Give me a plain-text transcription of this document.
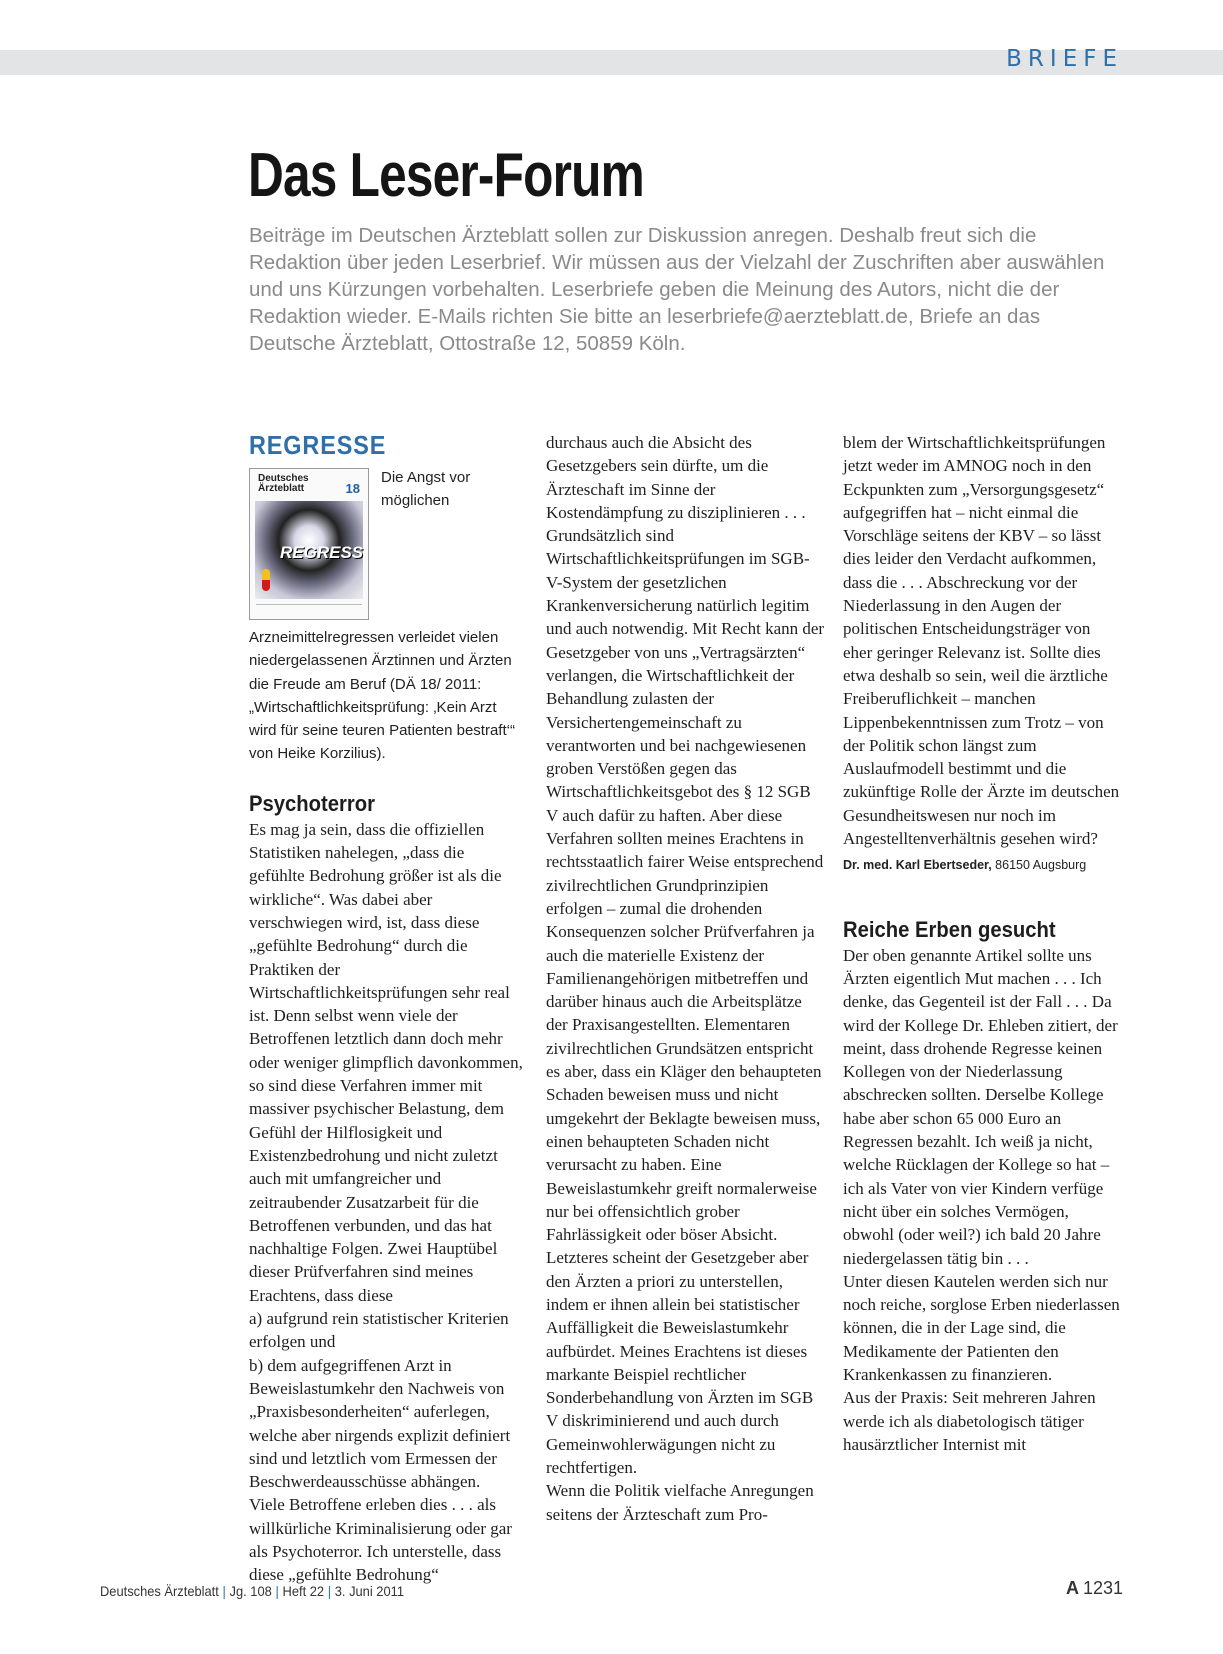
BRIEFE
Das Leser-Forum

Beiträge im Deutschen Ärzteblatt sollen zur Diskussion anregen. Deshalb freut sich die Redaktion über jeden Leserbrief. Wir müssen aus der Vielzahl der Zuschriften aber auswählen und uns Kürzungen vorbehalten. Leserbriefe geben die Meinung des Autors, nicht die der Redaktion wieder. E-Mails richten Sie bitte an leserbriefe@aerzteblatt.de, Briefe an das Deutsche Ärzteblatt, Ottostraße 12, 50859 Köln.

REGRESSE
Deutsches
Ärzteblatt	18
REGRESS

Die Angst vor möglichen Arzneimittelregressen verleidet vielen niedergelassenen Ärztinnen und Ärzten die Freude am Beruf (DÄ 18/ 2011: „Wirtschaftlichkeitsprüfung: ‚Kein Arzt wird für seine teuren Patienten bestraft‘“ von Heike Korzilius).

Psychoterror

Es mag ja sein, dass die offiziellen Statistiken nahelegen, „dass die gefühlte Bedrohung größer ist als die wirkliche“. Was dabei aber verschwiegen wird, ist, dass diese „gefühlte Bedrohung“ durch die Praktiken der Wirtschaftlichkeitsprüfungen sehr real ist. Denn selbst wenn viele der Betroffenen letztlich dann doch mehr oder weniger glimpflich davonkommen, so sind diese Verfahren immer mit massiver psychischer Belastung, dem Gefühl der Hilflosigkeit und Existenzbedrohung und nicht zuletzt auch mit umfangreicher und zeitraubender Zusatzarbeit für die Betroffenen verbunden, und das hat nachhaltige Folgen. Zwei Hauptübel dieser Prüfverfahren sind meines Erachtens, dass diese

a) aufgrund rein statistischer Kriterien erfolgen und

b) dem aufgegriffenen Arzt in Beweislastumkehr den Nachweis von „Praxisbesonderheiten“ auferlegen, welche aber nirgends explizit definiert sind und letztlich vom Ermessen der Beschwerdeausschüsse abhängen.

Viele Betroffene erleben dies . . . als willkürliche Kriminalisierung oder gar als Psychoterror. Ich unterstelle, dass diese „gefühlte Bedrohung“

durchaus auch die Absicht des Gesetzgebers sein dürfte, um die Ärzteschaft im Sinne der Kostendämpfung zu disziplinieren . . .

Grundsätzlich sind Wirtschaftlichkeitsprüfungen im SGB-V-System der gesetzlichen Krankenversicherung natürlich legitim und auch notwendig. Mit Recht kann der Gesetzgeber von uns „Vertragsärzten“ verlangen, die Wirtschaftlichkeit der Behandlung zulasten der Versichertengemeinschaft zu verantworten und bei nachgewiesenen groben Verstößen gegen das Wirtschaftlichkeitsgebot des § 12 SGB V auch dafür zu haften. Aber diese Verfahren sollten meines Erachtens in rechtsstaatlich fairer Weise entsprechend zivilrechtlichen Grundprinzipien erfolgen – zumal die drohenden Konsequenzen solcher Prüfverfahren ja auch die materielle Existenz der Familienangehörigen mitbetreffen und darüber hinaus auch die Arbeitsplätze der Praxisangestellten. Elementaren zivilrechtlichen Grundsätzen entspricht es aber, dass ein Kläger den behaupteten Schaden beweisen muss und nicht umgekehrt der Beklagte beweisen muss, einen behaupteten Schaden nicht verursacht zu haben. Eine Beweislastumkehr greift normalerweise nur bei offensichtlich grober Fahrlässigkeit oder böser Absicht. Letzteres scheint der Gesetzgeber aber den Ärzten a priori zu unterstellen, indem er ihnen allein bei statistischer Auffälligkeit die Beweislastumkehr aufbürdet. Meines Erachtens ist dieses markante Beispiel rechtlicher Sonderbehandlung von Ärzten im SGB V diskriminierend und auch durch Gemeinwohlerwägungen nicht zu rechtfertigen.

Wenn die Politik vielfache Anregungen seitens der Ärzteschaft zum Pro-

blem der Wirtschaftlichkeitsprüfungen jetzt weder im AMNOG noch in den Eckpunkten zum „Versorgungsgesetz“ aufgegriffen hat – nicht einmal die Vorschläge seitens der KBV – so lässt dies leider den Verdacht aufkommen, dass die . . . Abschreckung vor der Niederlassung in den Augen der politischen Entscheidungsträger von eher geringer Relevanz ist. Sollte dies etwa deshalb so sein, weil die ärztliche Freiberuflichkeit – manchen Lippenbekenntnissen zum Trotz – von der Politik schon längst zum Auslaufmodell bestimmt und die zukünftige Rolle der Ärzte im deutschen Gesundheitswesen nur noch im Angestelltenverhältnis gesehen wird?

Dr. med. Karl Ebertseder, 86150 Augsburg
Reiche Erben gesucht

Der oben genannte Artikel sollte uns Ärzten eigentlich Mut machen . . . Ich denke, das Gegenteil ist der Fall . . . Da wird der Kollege Dr. Ehleben zitiert, der meint, dass drohende Regresse keinen Kollegen von der Niederlassung abschrecken sollten. Derselbe Kollege habe aber schon 65 000 Euro an Regressen bezahlt. Ich weiß ja nicht, welche Rücklagen der Kollege so hat – ich als Vater von vier Kindern verfüge nicht über ein solches Vermögen, obwohl (oder weil?) ich bald 20 Jahre niedergelassen tätig bin . . .

Unter diesen Kautelen werden sich nur noch reiche, sorglose Erben niederlassen können, die in der Lage sind, die Medikamente der Patienten den Krankenkassen zu finanzieren.

Aus der Praxis: Seit mehreren Jahren werde ich als diabetologisch tätiger hausärztlicher Internist mit

Deutsches Ärzteblatt | Jg. 108 | Heft 22 | 3. Juni 2011	A 1231
